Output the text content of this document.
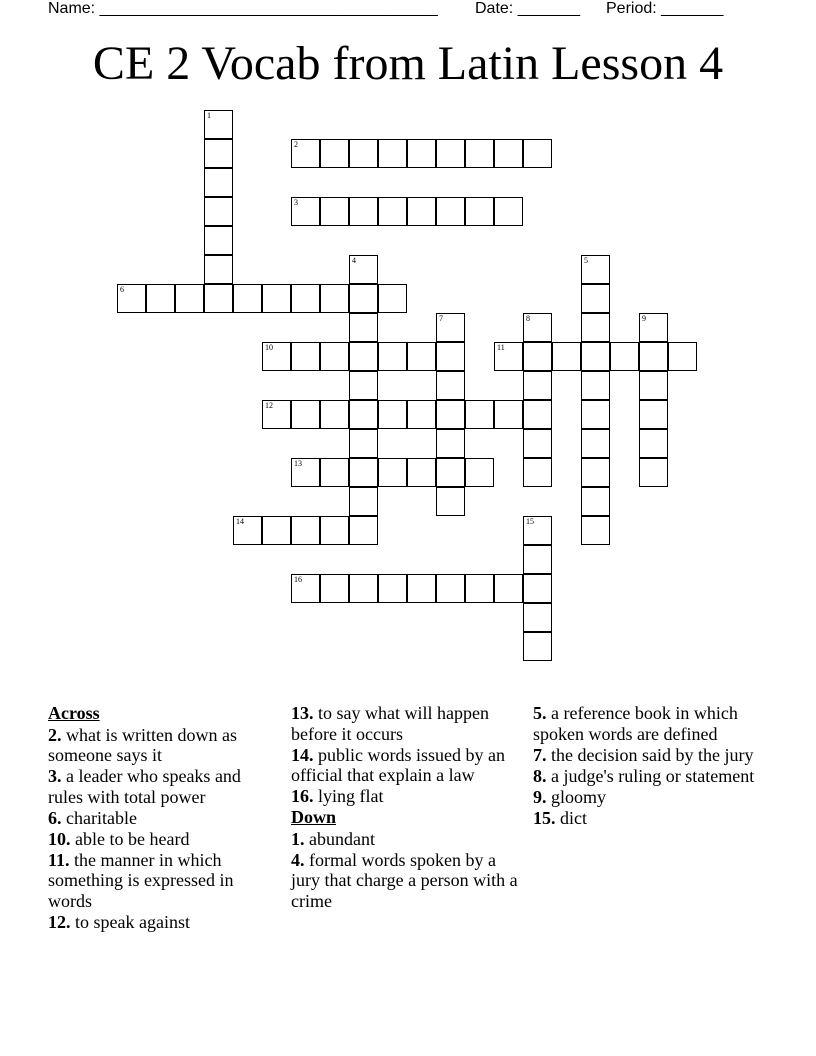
Name: ______________________________________

Date: _______

Period: _______

CE 2 Vocab from Latin Lesson 4
1
2
3
4	5
6
7	8	9
10	11
12
13
14	15
16
Across
2. what is written down as someone says it
3. a leader who speaks and rules with total power
6. charitable
10. able to be heard
11. the manner in which something is expressed in words
12. to speak against
13. to say what will happen before it occurs
14. public words issued by an official that explain a law
16. lying flat
Down
1. abundant
4. formal words spoken by a jury that charge a person with a crime
5. a reference book in which spoken words are defined
7. the decision said by the jury
8. a judge's ruling or statement
9. gloomy
15. dict
